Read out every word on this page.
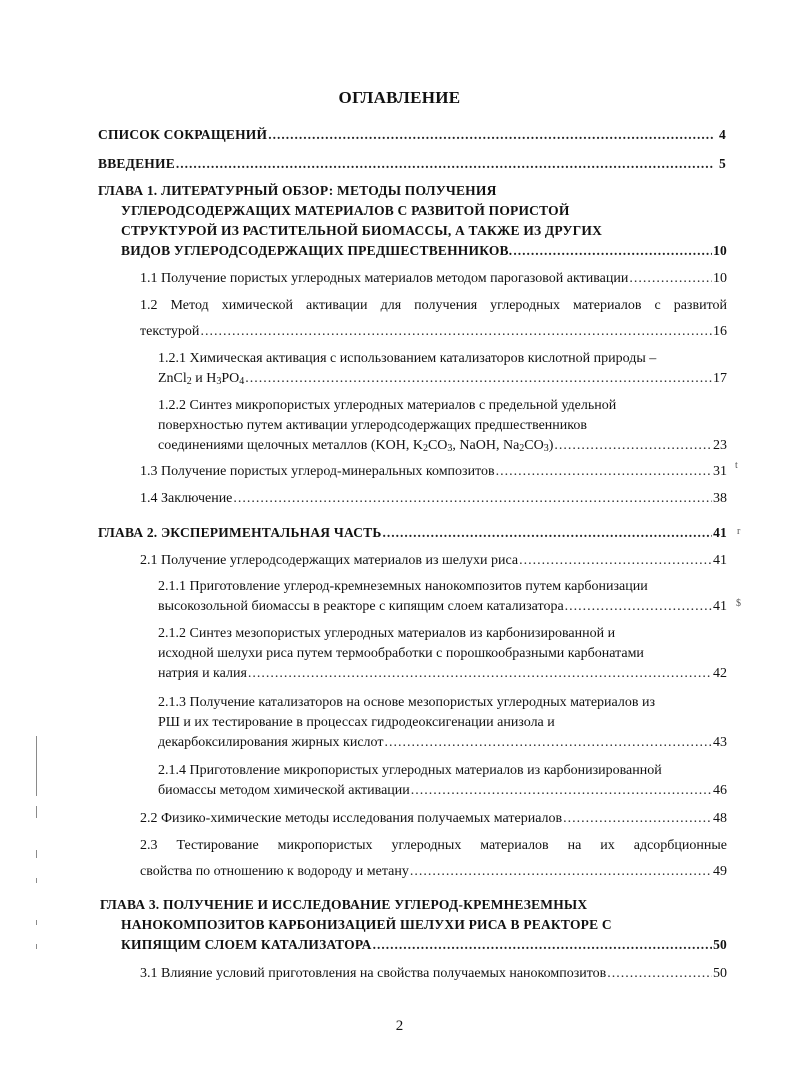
ОГЛАВЛЕНИЕ
СПИСОК СОКРАЩЕНИЙ .....	4
ВВЕДЕНИЕ .....	5
ГЛАВА 1. ЛИТЕРАТУРНЫЙ ОБЗОР: МЕТОДЫ ПОЛУЧЕНИЯ
УГЛЕРОДСОДЕРЖАЩИХ МАТЕРИАЛОВ С РАЗВИТОЙ ПОРИСТОЙ
СТРУКТУРОЙ ИЗ РАСТИТЕЛЬНОЙ БИОМАССЫ, А ТАКЖЕ ИЗ ДРУГИХ
ВИДОВ УГЛЕРОДСОДЕРЖАЩИХ ПРЕДШЕСТВЕННИКОВ. .....	10
1.1 Получение пористых углеродных материалов методом парогазовой активации .....	10
1.2 Метод химической активации для получения углеродных материалов с развитой
текстурой .....	16
1.2.1 Химическая активация с использованием катализаторов кислотной природы –
ZnCl$_2$ и $H_3PO_4$ .....	17
1.2.2 Синтез микропористых углеродных материалов с предельной удельной
поверхностью путем активации углеродсодержащих предшественников
соединениями щелочных металлов (KOH, $K_2CO_3$, NaOH, $Na_2CO_3$) .....	23
1.3 Получение пористых углерод-минеральных композитов .....	31
1.4 Заключение .....	38
ГЛАВА 2. ЭКСПЕРИМЕНТАЛЬНАЯ ЧАСТЬ .....	41
2.1 Получение углеродсодержащих материалов из шелухи риса .....	41
2.1.1 Приготовление углерод-кремнеземных нанокомпозитов путем карбонизации
высокозольной биомассы в реакторе с кипящим слоем катализатора .....	41
2.1.2 Синтез мезопористых углеродных материалов из карбонизированной и
исходной шелухи риса путем термообработки с порошкообразными карбонатами
натрия и калия .....	42
2.1.3 Получение катализаторов на основе мезопористых углеродных материалов из
РШ и их тестирование в процессах гидродеоксигенации анизола и
декарбоксилирования жирных кислот .....	43
2.1.4 Приготовление микропористых углеродных материалов из карбонизированной
биомассы методом химической активации .....	46
2.2 Физико-химические методы исследования получаемых материалов .....	48
2.3 Тестирование микропористых углеродных материалов на их адсорбционные
свойства по отношению к водороду и метану .....	49
ГЛАВА 3. ПОЛУЧЕНИЕ И ИССЛЕДОВАНИЕ УГЛЕРОД-КРЕМНЕЗЕМНЫХ
НАНОКОМПОЗИТОВ КАРБОНИЗАЦИЕЙ ШЕЛУХИ РИСА В РЕАКТОРЕ С
КИПЯЩИМ СЛОЕМ КАТАЛИЗАТОРА .....	50
3.1 Влияние условий приготовления на свойства получаемых нанокомпозитов .....	50
2
t
r
$
